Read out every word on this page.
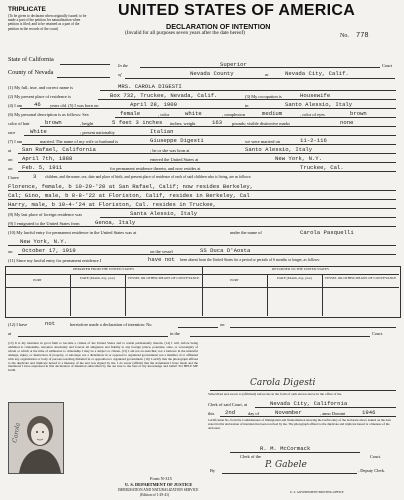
TRIPLICATE
(To be given to declarant when originally issued; to be made a part of the petition for naturalization when petition is filed; and to be retained as a part of the petition in the records of the court)
UNITED STATES OF AMERICA
DECLARATION OF INTENTION
(Invalid for all purposes seven years after the date hereof)	No. 778
State of California
County of Nevada
In the	Superior	Court
of	Nevada County	at	Nevada City, Calif.
(1) My full, true, and correct name is	MRS. CAROLA DIGESTI
(2) My present place of residence is	Box 732, Truckee, Nevada, Calif.	(3) My occupation is	Housewife
(4) I am 46 years old. (5) I was born on	April 28, 1900	in	Santo Alessio, Italy
(6) My personal description is as follows: Sex	female	, color	white	, complexion	medium	, color of eyes	brown
color of hair	brown	, height	5 feet 3 inches inches; weight	163 pounds; visible distinctive marks	none
race	White	; present nationality	Italian
(7) I am	married. The name of my wife or husband is	Giuseppe Digesti	we were married on	11-2-116
at San Rafael, California	; he or she was born at	Santo Alessio, Italy
on April 7th, 1888	entered the United States at	New York, N.Y.
on Feb. 5, 1911	for permanent residence therein, and now resides at	Truckee, Cal.
I have	3 children, and the name, sex, date and place of birth, and present place of residence of each of said children who is living, are as follows:
Florence, female, b 10-29-'20 at San Rafael, Calif; now resides Berkeley,
Cal; Gino, male, b 8-8-'22 at Floriston, Calif, resides in Berkeley, Cal
Harry, male, b 10-4-'24 at Floriston, Cal. resides in Truckee,
(8) My last place of foreign residence was	Santa Alessio, Italy
(9) I emigrated to the United States from	Genoa, Italy
(10) My lawful entry for permanent residence in the United States was at
New York, N.Y.
under the name of	Carola Pasquelli
on October 17, 1919	on the vessel	SS Duca D'Aosta
(11) Since my lawful entry for permanent residence I	have not been absent from the United States for a period or periods of 6 months or longer, as follows:
DEPARTED FROM THE UNITED STATES	RETURNED TO THE UNITED STATES
PORT	DATE (Month, day, year)	VESSEL OR OTHER MEANS OF CONVEYANCE	PORT	DATE (Month, day, year)	VESSEL OR OTHER MEANS OF CONVEYANCE
(12) I have	not	heretofore made a declaration of intention: No.	on
at	in the	Court.
(13) It is my intention in good faith to become a citizen of the United States and to reside permanently therein. (14) I will, before being admitted to citizenship, renounce absolutely and forever all allegiance and fidelity to any foreign prince, potentate, state, or sovereignty of whom or which at the time of admission to citizenship I may be a subject or citizen. (15) I am not an anarchist; nor a believer in the unlawful damage, injury, or destruction of property, or sabotage; nor a disbeliever in or opposed to organized government; nor a member of or affiliated with any organization or body of persons teaching disbelief in or opposition to organized government. (16) I certify that the photograph affixed to the duplicate and triplicate hereof is a likeness of me and was signed by me. I do swear (affirm) that the statements I have made and the intentions I have expressed in this declaration of intention subscribed by me are true to the best of my knowledge and belief: SO HELP ME GOD.
Carola Digesti
Subscribed and sworn to (affirmed) before me in the form of oath shown above in the office of the
Clerk of said Court, at	Nevada City, California
this 2nd	day of	November	, anno Domini	1946
Certification No. from the Commissioner of Immigration and Naturalization showing the lawful entry of the declarant above named on the date stated in this declaration of intention has been received by me. The photograph affixed to the duplicate and triplicate hereof is a likeness of the declarant.
R. M. McCormack
Clerk of the	Court.
By
P. Gabele
, Deputy Clerk.
Carola
Form N-315
U. S. DEPARTMENT OF JUSTICE
IMMIGRATION AND NATURALIZATION SERVICE
(Edition of 1-29-41)
U. S. GOVERNMENT PRINTING OFFICE
